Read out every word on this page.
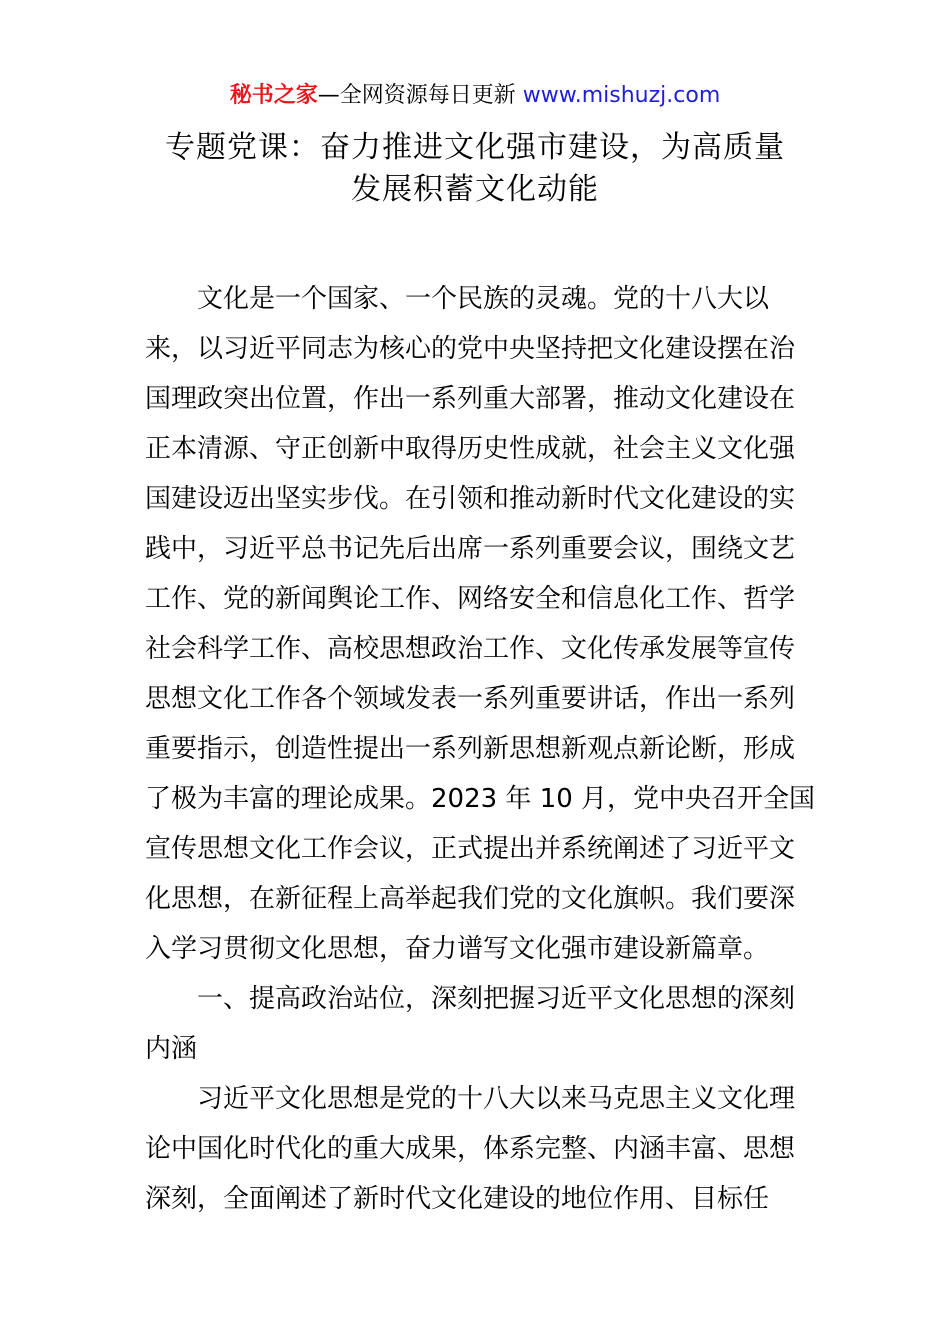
秘书之家—全网资源每日更新 www.mishuzj.com
专题党课：奋力推进文化强市建设，为高质量
发展积蓄文化动能
文化是一个国家、一个民族的灵魂。党的十八大以
来，以习近平同志为核心的党中央坚持把文化建设摆在治
国理政突出位置，作出一系列重大部署，推动文化建设在
正本清源、守正创新中取得历史性成就，社会主义文化强
国建设迈出坚实步伐。在引领和推动新时代文化建设的实
践中，习近平总书记先后出席一系列重要会议，围绕文艺
工作、党的新闻舆论工作、网络安全和信息化工作、哲学
社会科学工作、高校思想政治工作、文化传承发展等宣传
思想文化工作各个领域发表一系列重要讲话，作出一系列
重要指示，创造性提出一系列新思想新观点新论断，形成
了极为丰富的理论成果。2023 年 10 月，党中央召开全国
宣传思想文化工作会议，正式提出并系统阐述了习近平文
化思想，在新征程上高举起我们党的文化旗帜。我们要深
入学习贯彻文化思想，奋力谱写文化强市建设新篇章。
一、提高政治站位，深刻把握习近平文化思想的深刻
内涵
习近平文化思想是党的十八大以来马克思主义文化理
论中国化时代化的重大成果，体系完整、内涵丰富、思想
深刻，全面阐述了新时代文化建设的地位作用、目标任
